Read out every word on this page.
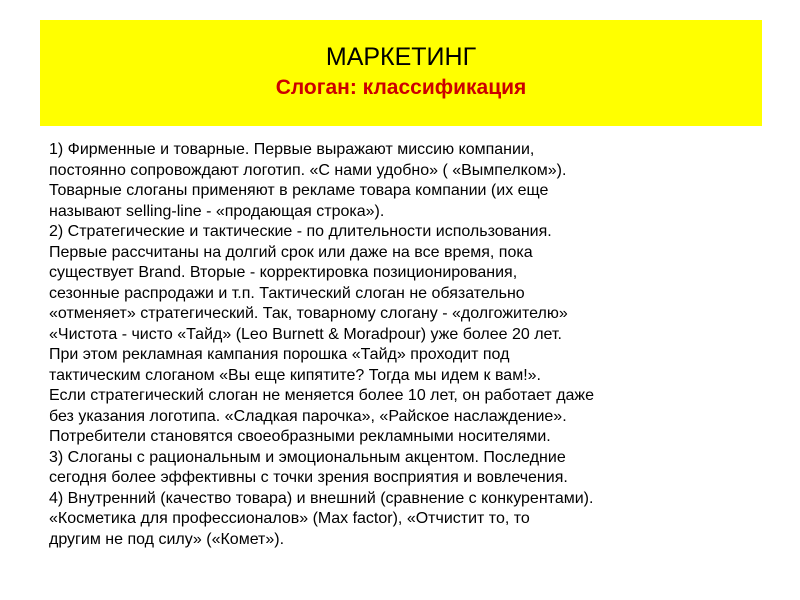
МАРКЕТИНГ
Слоган: классификация

1) Фирменные и товарные. Первые выражают миссию компании,
постоянно сопровождают логотип. «С нами удобно» ( «Вымпелком»).
Товарные слоганы применяют в рекламе товара компании (их еще
называют selling-line - «продающая строка»).

2) Стратегические и тактические - по длительности использования.
Первые рассчитаны на долгий срок или даже на все время, пока
существует Brand. Вторые - корректировка позиционирования,
сезонные распродажи и т.п. Тактический слоган не обязательно
«отменяет» стратегический. Так, товарному слогану - «долгожителю»
«Чистота - чисто «Тайд» (Leo Burnett & Moradpour) уже более 20 лет.
При этом рекламная кампания порошка «Тайд» проходит под
тактическим слоганом «Вы еще кипятите? Тогда мы идем к вам!».

Если стратегический слоган не меняется более 10 лет, он работает даже
без указания логотипа. «Сладкая парочка», «Райское наслаждение».
Потребители становятся своеобразными рекламными носителями.

3) Слоганы с рациональным и эмоциональным акцентом. Последние
сегодня более эффективны с точки зрения восприятия и вовлечения.

4) Внутренний (качество товара) и внешний (сравнение с конкурентами).
«Косметика для профессионалов» (Max factor), «Отчистит то, то
другим не под силу» («Комет»).
